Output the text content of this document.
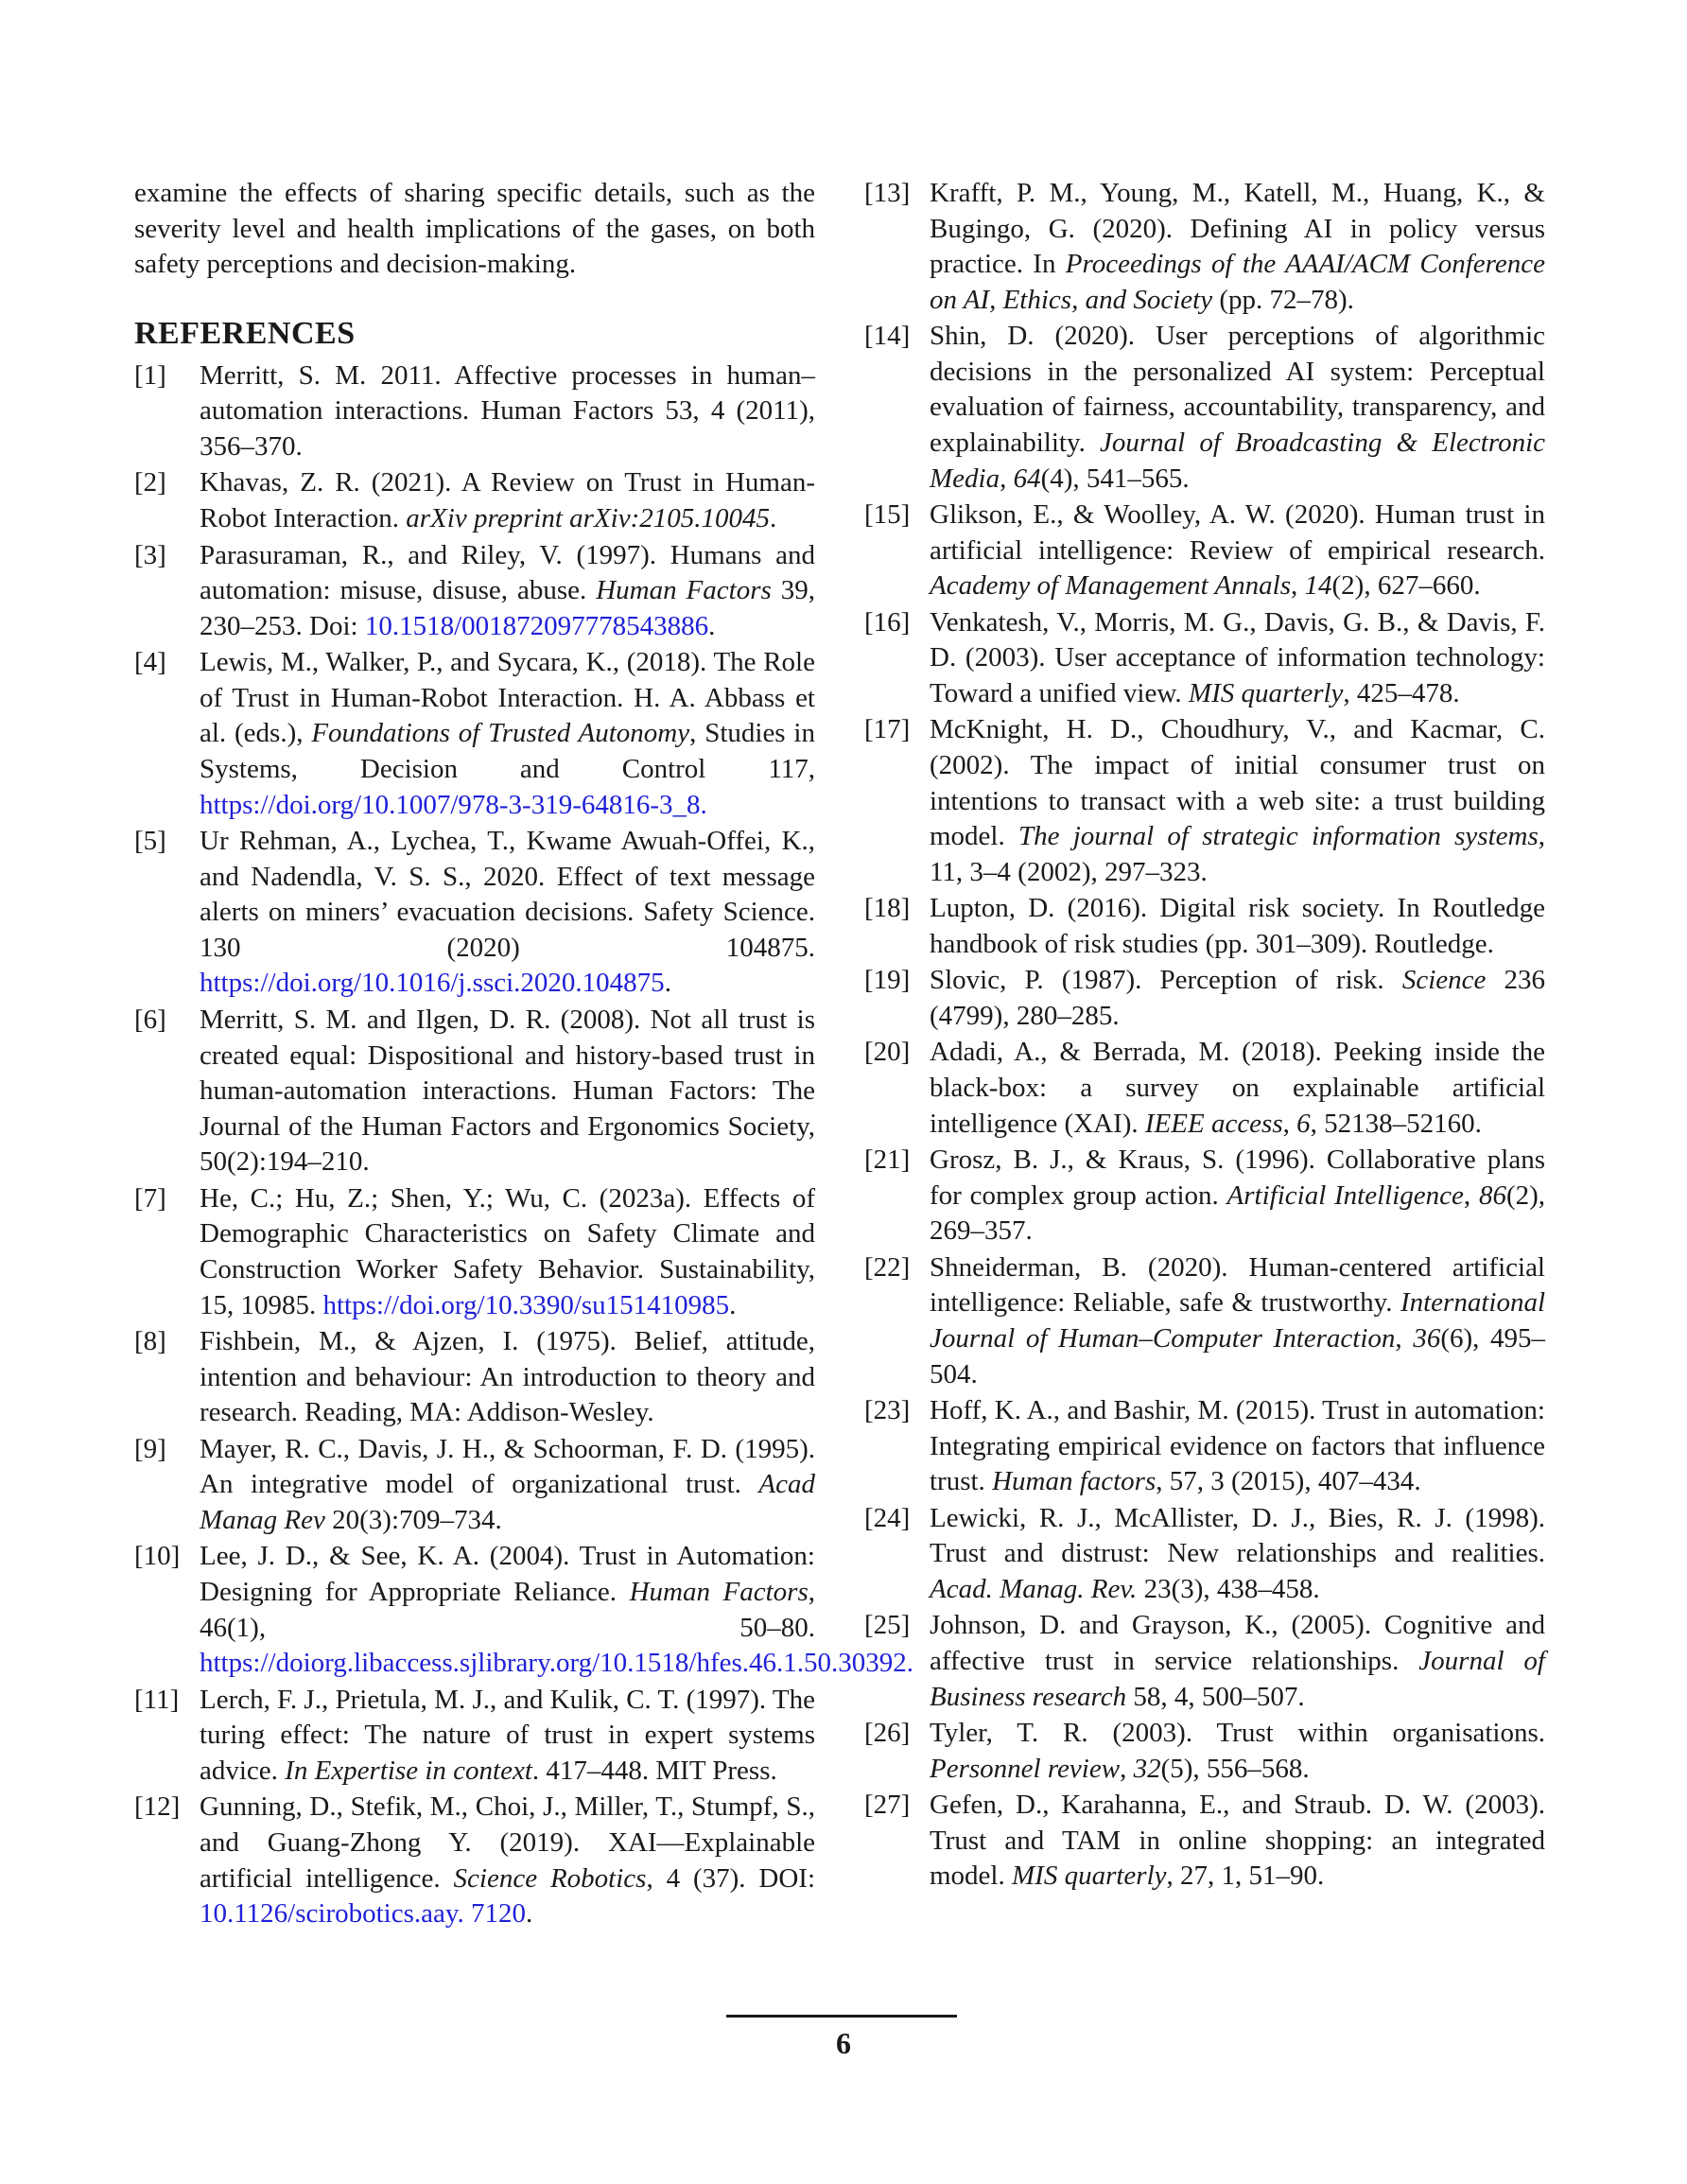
examine the effects of sharing specific details, such as the severity level and health implications of the gases, on both safety perceptions and decision-making.

REFERENCES
[1] Merritt, S. M. 2011. Affective processes in human–automation interactions. Human Factors 53, 4 (2011), 356–370.
[2] Khavas, Z. R. (2021). A Review on Trust in Human-Robot Interaction. arXiv preprint arXiv:2105.10045.
[3] Parasuraman, R., and Riley, V. (1997). Humans and automation: misuse, disuse, abuse. Human Factors 39, 230–253. Doi: 10.1518/001872097778543886.
[4] Lewis, M., Walker, P., and Sycara, K., (2018). The Role of Trust in Human-Robot Interaction. H. A. Abbass et al. (eds.), Foundations of Trusted Autonomy, Studies in Systems, Decision and Control 117, https://doi.org/10.1007/978-3-319-64816-3_8.
[5] Ur Rehman, A., Lychea, T., Kwame Awuah-Offei, K., and Nadendla, V. S. S., 2020. Effect of text message alerts on miners’ evacuation decisions. Safety Science. 130 (2020) 104875. https://doi.org/10.1016/j.ssci.2020.104875.
[6] Merritt, S. M. and Ilgen, D. R. (2008). Not all trust is created equal: Dispositional and history-based trust in human-automation interactions. Human Factors: The Journal of the Human Factors and Ergonomics Society, 50(2):194–210.
[7] He, C.; Hu, Z.; Shen, Y.; Wu, C. (2023a). Effects of Demographic Characteristics on Safety Climate and Construction Worker Safety Behavior. Sustainability, 15, 10985. https://doi.org/10.3390/su151410985.
[8] Fishbein, M., & Ajzen, I. (1975). Belief, attitude, intention and behaviour: An introduction to theory and research. Reading, MA: Addison-Wesley.
[9] Mayer, R. C., Davis, J. H., & Schoorman, F. D. (1995). An integrative model of organizational trust. Acad Manag Rev 20(3):709–734.
[10] Lee, J. D., & See, K. A. (2004). Trust in Automation: Designing for Appropriate Reliance. Human Factors, 46(1), 50–80. https://doiorg.libaccess.sjlibrary.org/10.1518/hfes.46.1.50.30392.
[11] Lerch, F. J., Prietula, M. J., and Kulik, C. T. (1997). The turing effect: The nature of trust in expert systems advice. In Expertise in context. 417–448. MIT Press.
[12] Gunning, D., Stefik, M., Choi, J., Miller, T., Stumpf, S., and Guang-Zhong Y. (2019). XAI—Explainable artificial intelligence. Science Robotics, 4 (37). DOI: 10.1126/scirobotics.aay. 7120.
[13] Krafft, P. M., Young, M., Katell, M., Huang, K., & Bugingo, G. (2020). Defining AI in policy versus practice. In Proceedings of the AAAI/ACM Conference on AI, Ethics, and Society (pp. 72–78).
[14] Shin, D. (2020). User perceptions of algorithmic decisions in the personalized AI system: Perceptual evaluation of fairness, accountability, transparency, and explainability. Journal of Broadcasting & Electronic Media, 64(4), 541–565.
[15] Glikson, E., & Woolley, A. W. (2020). Human trust in artificial intelligence: Review of empirical research. Academy of Management Annals, 14(2), 627–660.
[16] Venkatesh, V., Morris, M. G., Davis, G. B., & Davis, F. D. (2003). User acceptance of information technology: Toward a unified view. MIS quarterly, 425–478.
[17] McKnight, H. D., Choudhury, V., and Kacmar, C. (2002). The impact of initial consumer trust on intentions to transact with a web site: a trust building model. The journal of strategic information systems, 11, 3–4 (2002), 297–323.
[18] Lupton, D. (2016). Digital risk society. In Routledge handbook of risk studies (pp. 301–309). Routledge.
[19] Slovic, P. (1987). Perception of risk. Science 236 (4799), 280–285.
[20] Adadi, A., & Berrada, M. (2018). Peeking inside the black-box: a survey on explainable artificial intelligence (XAI). IEEE access, 6, 52138–52160.
[21] Grosz, B. J., & Kraus, S. (1996). Collaborative plans for complex group action. Artificial Intelligence, 86(2), 269–357.
[22] Shneiderman, B. (2020). Human-centered artificial intelligence: Reliable, safe & trustworthy. International Journal of Human–Computer Interaction, 36(6), 495–504.
[23] Hoff, K. A., and Bashir, M. (2015). Trust in automation: Integrating empirical evidence on factors that influence trust. Human factors, 57, 3 (2015), 407–434.
[24] Lewicki, R. J., McAllister, D. J., Bies, R. J. (1998). Trust and distrust: New relationships and realities. Acad. Manag. Rev. 23(3), 438–458.
[25] Johnson, D. and Grayson, K., (2005). Cognitive and affective trust in service relationships. Journal of Business research 58, 4, 500–507.
[26] Tyler, T. R. (2003). Trust within organisations. Personnel review, 32(5), 556–568.
[27] Gefen, D., Karahanna, E., and Straub. D. W. (2003). Trust and TAM in online shopping: an integrated model. MIS quarterly, 27, 1, 51–90.
6
